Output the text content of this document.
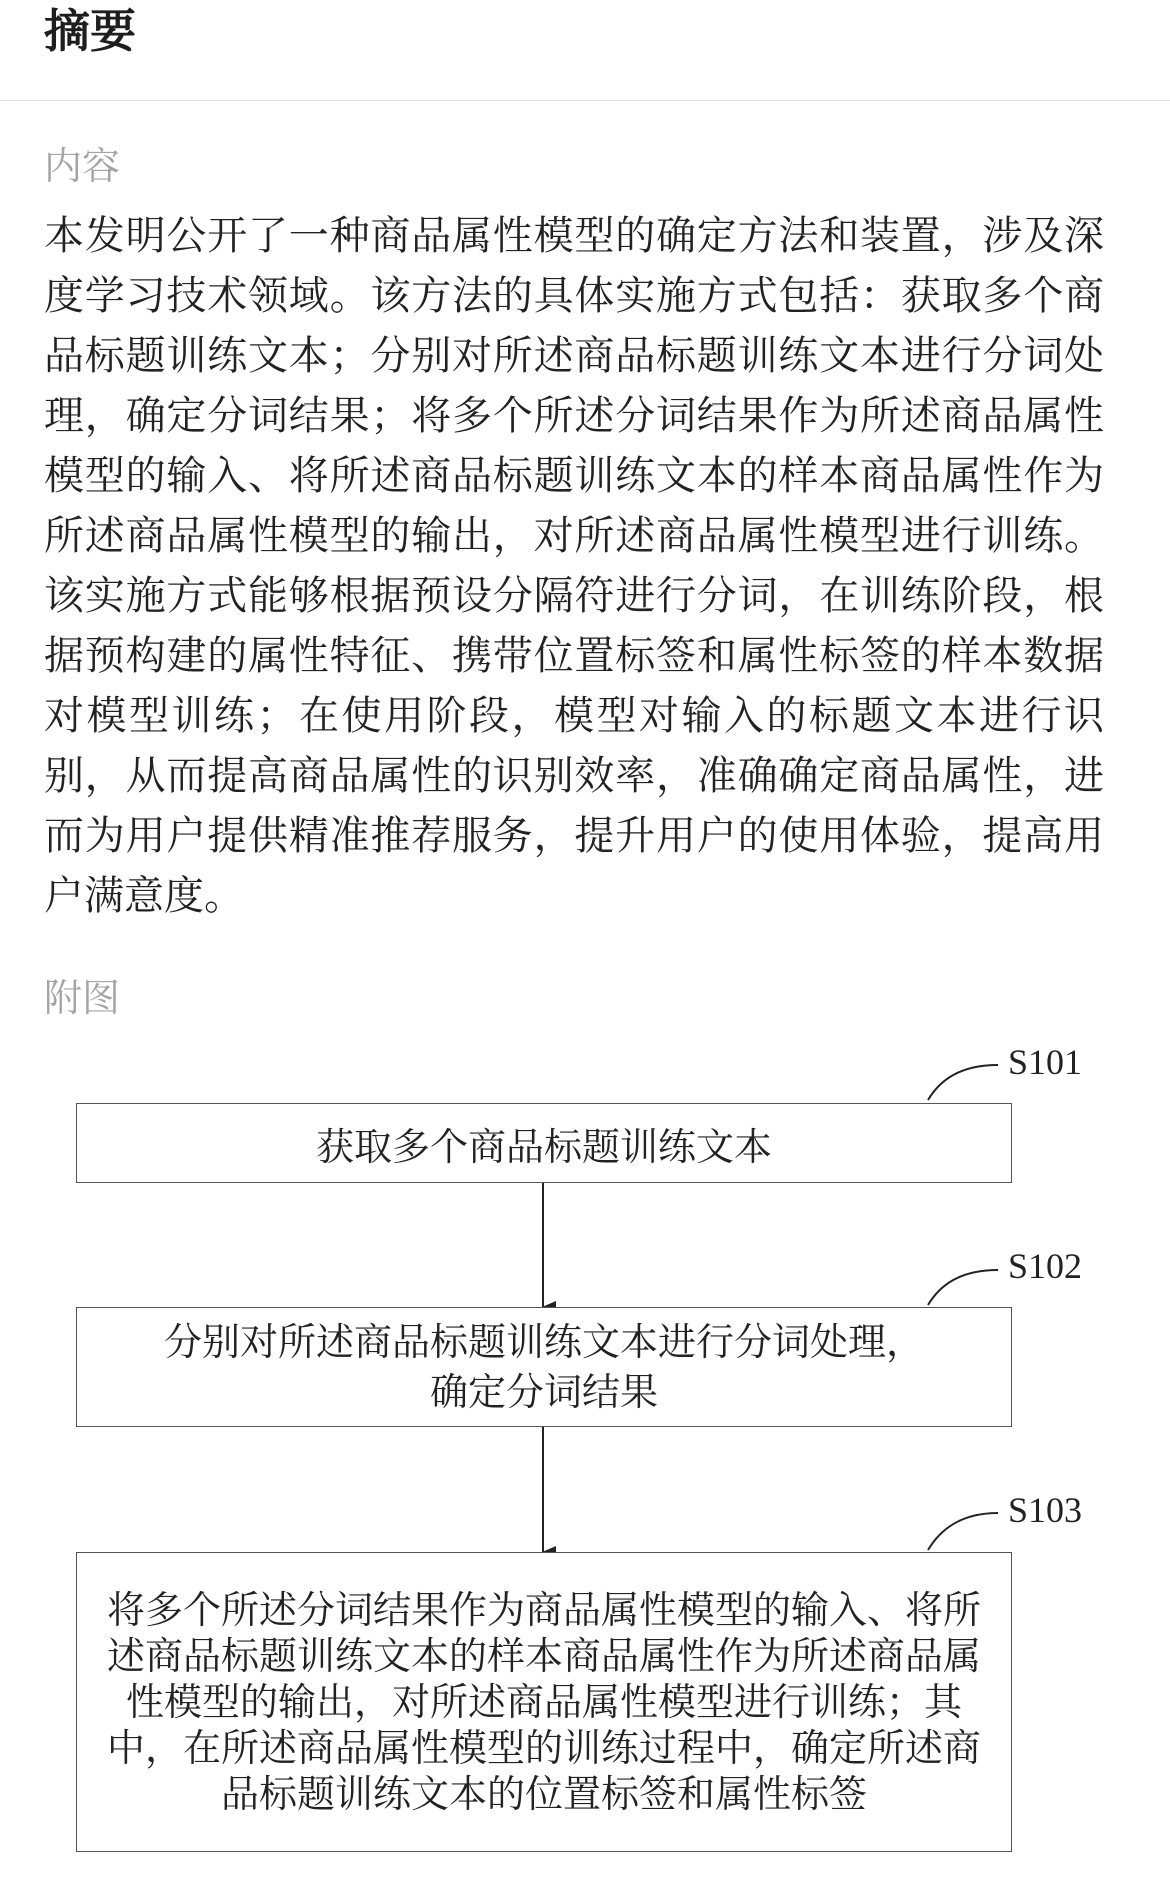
摘要
内容

本发明公开了一种商品属性模型的确定方法和装置，涉及深度学习技术领域。该方法的具体实施方式包括：获取多个商品标题训练文本；分别对所述商品标题训练文本进行分词处理，确定分词结果；将多个所述分词结果作为所述商品属性模型的输入、将所述商品标题训练文本的样本商品属性作为所述商品属性模型的输出，对所述商品属性模型进行训练。该实施方式能够根据预设分隔符进行分词，在训练阶段，根据预构建的属性特征、携带位置标签和属性标签的样本数据对模型训练；在使用阶段，模型对输入的标题文本进行识别，从而提高商品属性的识别效率，准确确定商品属性，进而为用户提供精准推荐服务，提升用户的使用体验，提高用户满意度。

附图
S101
S102
S103
获取多个商品标题训练文本
分别对所述商品标题训练文本进行分词处理，确定分词结果
将多个所述分词结果作为商品属性模型的输入、将所述商品标题训练文本的样本商品属性作为所述商品属性模型的输出，对所述商品属性模型进行训练；其中，在所述商品属性模型的训练过程中，确定所述商品标题训练文本的位置标签和属性标签
